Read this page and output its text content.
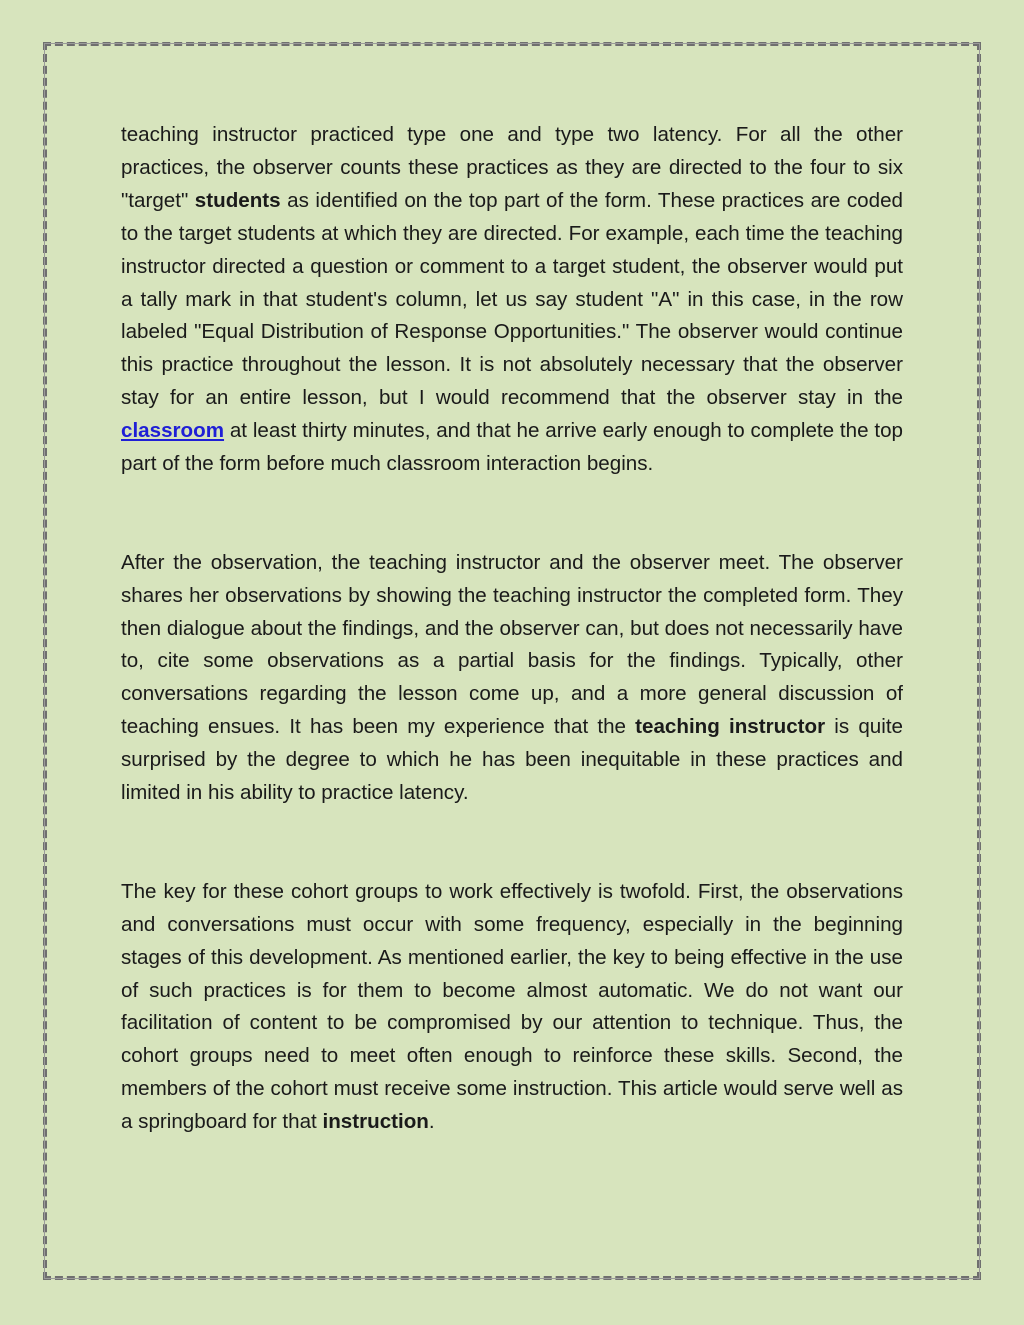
teaching instructor practiced type one and type two latency. For all the other practices, the observer counts these practices as they are directed to the four to six "target" students as identified on the top part of the form. These practices are coded to the target students at which they are directed. For example, each time the teaching instructor directed a question or comment to a target student, the observer would put a tally mark in that student's column, let us say student "A" in this case, in the row labeled "Equal Distribution of Response Opportunities." The observer would continue this practice throughout the lesson. It is not absolutely necessary that the observer stay for an entire lesson, but I would recommend that the observer stay in the classroom at least thirty minutes, and that he arrive early enough to complete the top part of the form before much classroom interaction begins.

After the observation, the teaching instructor and the observer meet. The observer shares her observations by showing the teaching instructor the completed form. They then dialogue about the findings, and the observer can, but does not necessarily have to, cite some observations as a partial basis for the findings. Typically, other conversations regarding the lesson come up, and a more general discussion of teaching ensues. It has been my experience that the teaching instructor is quite surprised by the degree to which he has been inequitable in these practices and limited in his ability to practice latency.

The key for these cohort groups to work effectively is twofold. First, the observations and conversations must occur with some frequency, especially in the beginning stages of this development. As mentioned earlier, the key to being effective in the use of such practices is for them to become almost automatic. We do not want our facilitation of content to be compromised by our attention to technique. Thus, the cohort groups need to meet often enough to reinforce these skills. Second, the members of the cohort must receive some instruction. This article would serve well as a springboard for that instruction.
